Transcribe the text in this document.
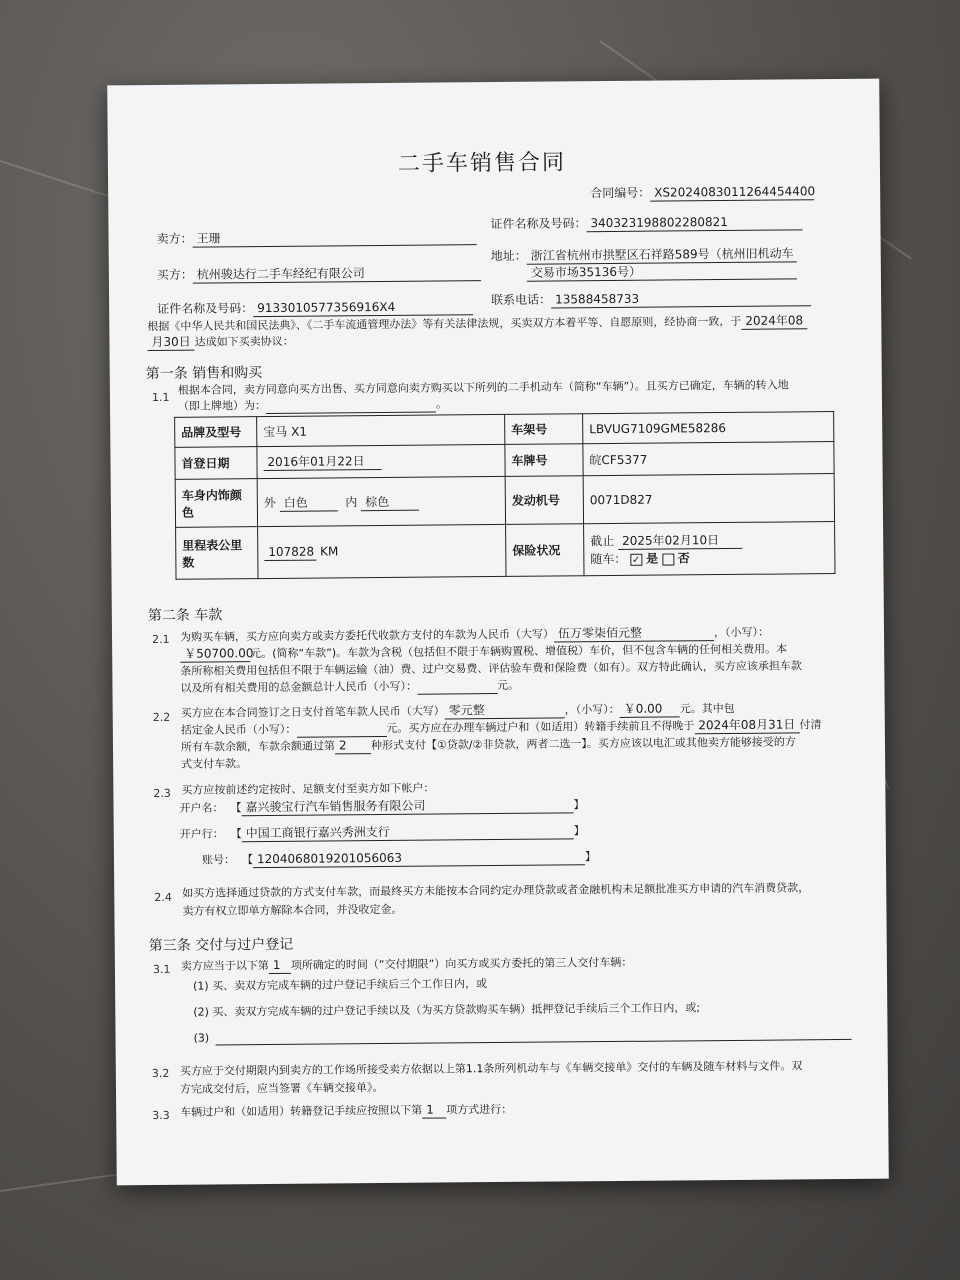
二手车销售合同
合同编号： XS20240830112644544​00
卖方： 王珊
证件名称及号码： 340323198802280821
买方： 杭州骏达行二手车经纪有限公司
地址： 浙江省杭州市拱墅区石祥路589号（杭州旧机动车
交易市场35136号）
证件名称及号码： 91330105773569​16X4
联系电话： 13588458733
根据《中华人民共和国民法典》、《二手车流通管理办法》等有关法律法规，买卖双方本着平等、自愿原则，经协商一致，于 2024年08
月30日 达成如下买卖协议：
第一条 销售和购买
1.1
根据本合同，卖方同意向买方出售、买方同意向卖方购买以下所列的二手机动车（简称“车辆”）。且买方已确定，车辆的转入地
（即上牌地）为：	。
品牌及型号	宝马 X1	车架号	LBVUG7109GME58286
首登日期	2016年01月22日	车牌号	皖CF5377
车身内饰颜色	外 白色 内 棕色	发动机号	0071D827
里程表公里数	107828 KM	保险状况	截止 2025年02月10日
随车： ✓ 是 否
第二条 车款
2.1 为购买车辆，买方应向卖方或卖方委托代收款方支付的车款为人民币（大写） 伍万零柒佰元整	，（小写）：
￥50700.00元。(简称“车款”)。车款为含税（包括但不限于车辆购置税、增值税）车价，但不包含车辆的任何相关费用。本
条所称相关费用包括但不限于车辆运输（油）费、过户交易费、评估验车费和保险费（如有）。双方特此确认，买方应该承担车款
以及所有相关费用的总金额总计人民币（小写）：	元。
2.2 买方应在本合同签订之日支付首笔车款人民币（大写） 零元整	，（小写）： ￥0.00 元。其中包
括定金人民币（小写）：	元。买方应在办理车辆过户和（如适用）转籍手续前且不得晚于 2024年08月31日 付清
所有车款余额，车款余额通过第 2 种形式支付【①贷款/②非贷款，两者二选一】。买方应该以电汇或其他卖方能够接受的方
式支付车款。
2.3 买方应按前述约定按时、足额支付至卖方如下帐户：
开户名： 【 嘉兴骏宝行汽车销售服务有限公司	】
开户行： 【 中国工商银行嘉兴秀洲支行	】
账号： 【 1204068019201056063	】
2.4 如买方选择通过贷款的方式支付车款，而最终买方未能按本合同约定办理贷款或者金融机构未足额批准买方申请的汽车消费贷款，
卖方有权立即单方解除本合同，并没收定金。
第三条 交付与过户登记
3.1 卖方应当于以下第 1 项所确定的时间（“交付期限”）向买方或买方委托的第三人交付车辆：
(1) 买、卖双方完成车辆的过户登记手续后三个工作日内，或
(2) 买、卖双方完成车辆的过户登记手续以及（为买方贷款购买车辆）抵押登记手续后三个工作日内，或;
(3)
3.2 买方应于交付期限内到卖方的工作场所接受卖方依据以上第1.1条所列机动车与《车辆交接单》交付的车辆及随车材料与文件。双
方完成交付后，应当签署《车辆交接单》。
3.3 车辆过户和（如适用）转籍登记手续应按照以下第 1 项方式进行：
